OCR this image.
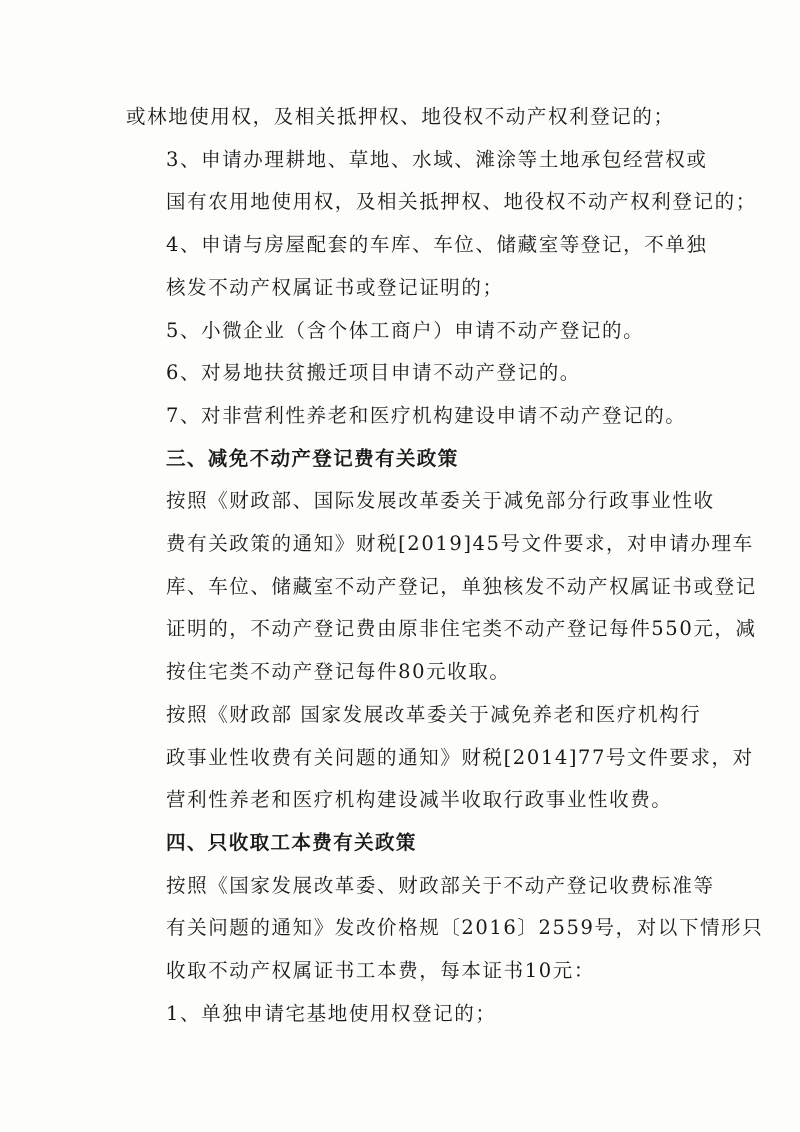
或林地使用权，及相关抵押权、地役权不动产权利登记的；

3、申请办理耕地、草地、水域、滩涂等土地承包经营权或
国有农用地使用权，及相关抵押权、地役权不动产权利登记的；

4、申请与房屋配套的车库、车位、储藏室等登记，不单独
核发不动产权属证书或登记证明的；

5、小微企业（含个体工商户）申请不动产登记的。

6、对易地扶贫搬迁项目申请不动产登记的。

7、对非营利性养老和医疗机构建设申请不动产登记的。

三、减免不动产登记费有关政策

按照《财政部、国际发展改革委关于减免部分行政事业性收
费有关政策的通知》财税[2019]45号文件要求，对申请办理车
库、车位、储藏室不动产登记，单独核发不动产权属证书或登记
证明的，不动产登记费由原非住宅类不动产登记每件550元，减
按住宅类不动产登记每件80元收取。

按照《财政部 国家发展改革委关于减免养老和医疗机构行
政事业性收费有关问题的通知》财税[2014]77号文件要求，对
营利性养老和医疗机构建设减半收取行政事业性收费。

四、只收取工本费有关政策

按照《国家发展改革委、财政部关于不动产登记收费标准等
有关问题的通知》发改价格规〔2016〕2559号，对以下情形只
收取不动产权属证书工本费，每本证书10元：

1、单独申请宅基地使用权登记的；
